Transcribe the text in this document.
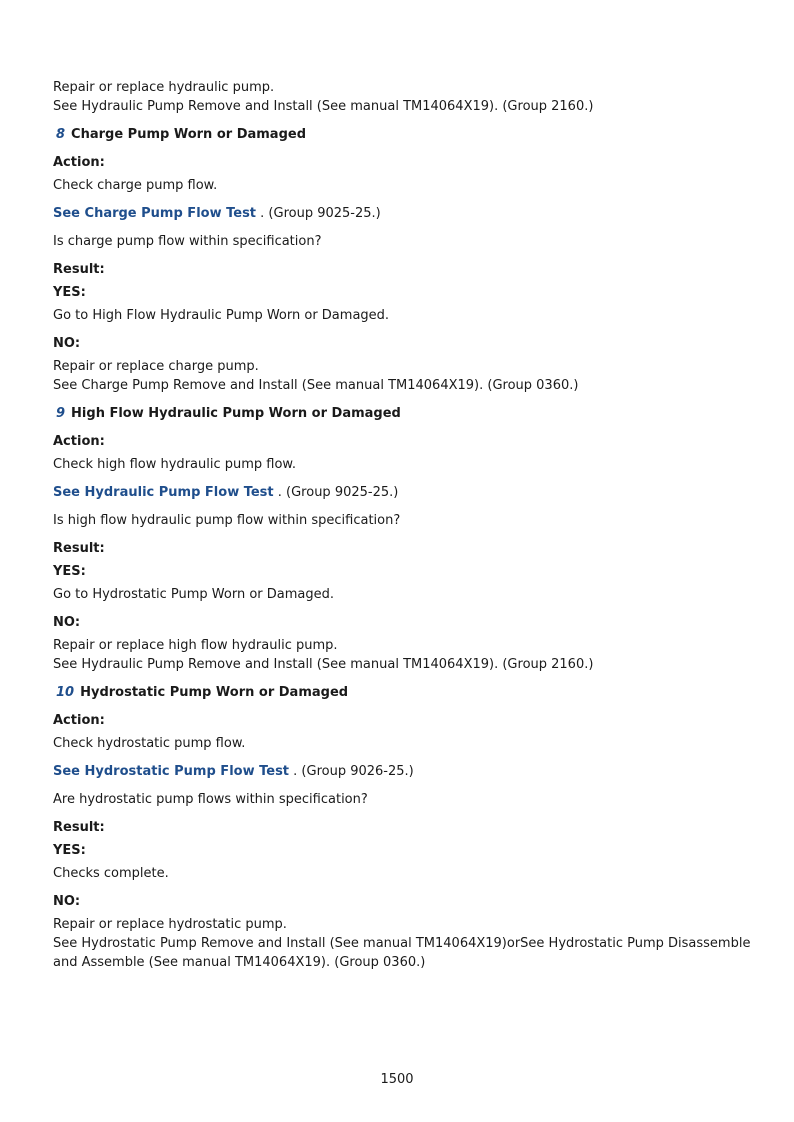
Repair or replace hydraulic pump.
See Hydraulic Pump Remove and Install (See manual TM14064X19). (Group 2160.)

8 Charge Pump Worn or Damaged

Action:

Check charge pump flow.

See Charge Pump Flow Test . (Group 9025-25.)

Is charge pump flow within specification?

Result:

YES:

Go to High Flow Hydraulic Pump Worn or Damaged.

NO:

Repair or replace charge pump.
See Charge Pump Remove and Install (See manual TM14064X19). (Group 0360.)

9 High Flow Hydraulic Pump Worn or Damaged

Action:

Check high flow hydraulic pump flow.

See Hydraulic Pump Flow Test . (Group 9025-25.)

Is high flow hydraulic pump flow within specification?

Result:

YES:

Go to Hydrostatic Pump Worn or Damaged.

NO:

Repair or replace high flow hydraulic pump.
See Hydraulic Pump Remove and Install (See manual TM14064X19). (Group 2160.)

10 Hydrostatic Pump Worn or Damaged

Action:

Check hydrostatic pump flow.

See Hydrostatic Pump Flow Test . (Group 9026-25.)

Are hydrostatic pump flows within specification?

Result:

YES:

Checks complete.

NO:

Repair or replace hydrostatic pump.
See Hydrostatic Pump Remove and Install (See manual TM14064X19)orSee Hydrostatic Pump Disassemble and Assemble (See manual TM14064X19). (Group 0360.)

1500
